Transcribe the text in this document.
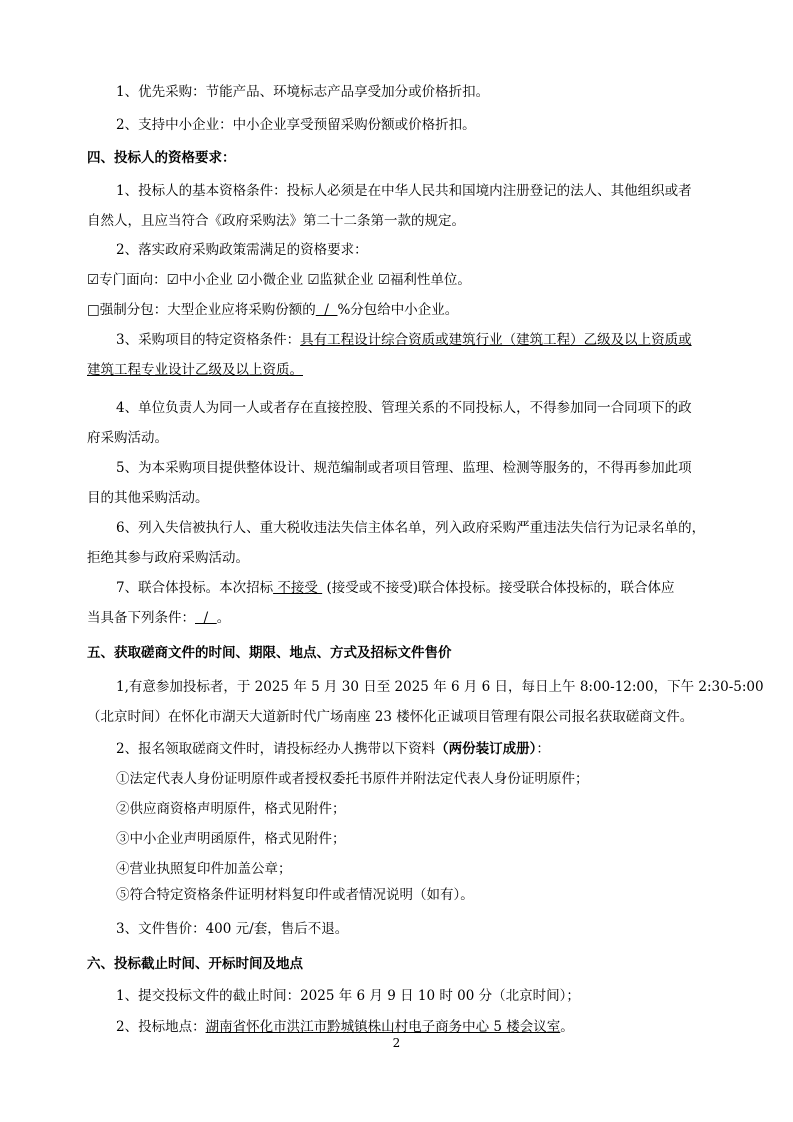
1、优先采购：节能产品、环境标志产品享受加分或价格折扣。
2、支持中小企业：中小企业享受预留采购份额或价格折扣。
四、投标人的资格要求：
1、投标人的基本资格条件：投标人必须是在中华人民共和国境内注册登记的法人、其他组织或者
自然人，且应当符合《政府采购法》第二十二条第一款的规定。
2、落实政府采购政策需满足的资格要求：
☑专门面向：☑中小企业 ☑小微企业 ☑监狱企业 ☑福利性单位。
□强制分包：大型企业应将采购份额的  /  %分包给中小企业。
3、采购项目的特定资格条件：具有工程设计综合资质或建筑行业（建筑工程）乙级及以上资质或
建筑工程专业设计乙级及以上资质。
4、单位负责人为同一人或者存在直接控股、管理关系的不同投标人，不得参加同一合同项下的政
府采购活动。
5、为本采购项目提供整体设计、规范编制或者项目管理、监理、检测等服务的，不得再参加此项
目的其他采购活动。
6、列入失信被执行人、重大税收违法失信主体名单，列入政府采购严重违法失信行为记录名单的，
拒绝其参与政府采购活动。
7、联合体投标。本次招标 不接受  (接受或不接受)联合体投标。接受联合体投标的，联合体应
当具备下列条件：  /  。
五、获取磋商文件的时间、期限、地点、方式及招标文件售价
1,有意参加投标者，于 2025 年 5 月 30 日至 2025 年 6 月 6 日，每日上午 8:00-12:00，下午 2:30-5:00
（北京时间）在怀化市湖天大道新时代广场南座 23 楼怀化正诚项目管理有限公司报名获取磋商文件。
2、报名领取磋商文件时，请投标经办人携带以下资料（两份装订成册）：
①法定代表人身份证明原件或者授权委托书原件并附法定代表人身份证明原件；
②供应商资格声明原件，格式见附件；
③中小企业声明函原件，格式见附件；
④营业执照复印件加盖公章；
⑤符合特定资格条件证明材料复印件或者情况说明（如有）。
3、文件售价：400 元/套，售后不退。
六、投标截止时间、开标时间及地点
1、提交投标文件的截止时间：2025 年 6 月 9 日 10 时 00 分（北京时间）；
2、投标地点：湖南省怀化市洪江市黔城镇株山村电子商务中心 5 楼会议室。
2
